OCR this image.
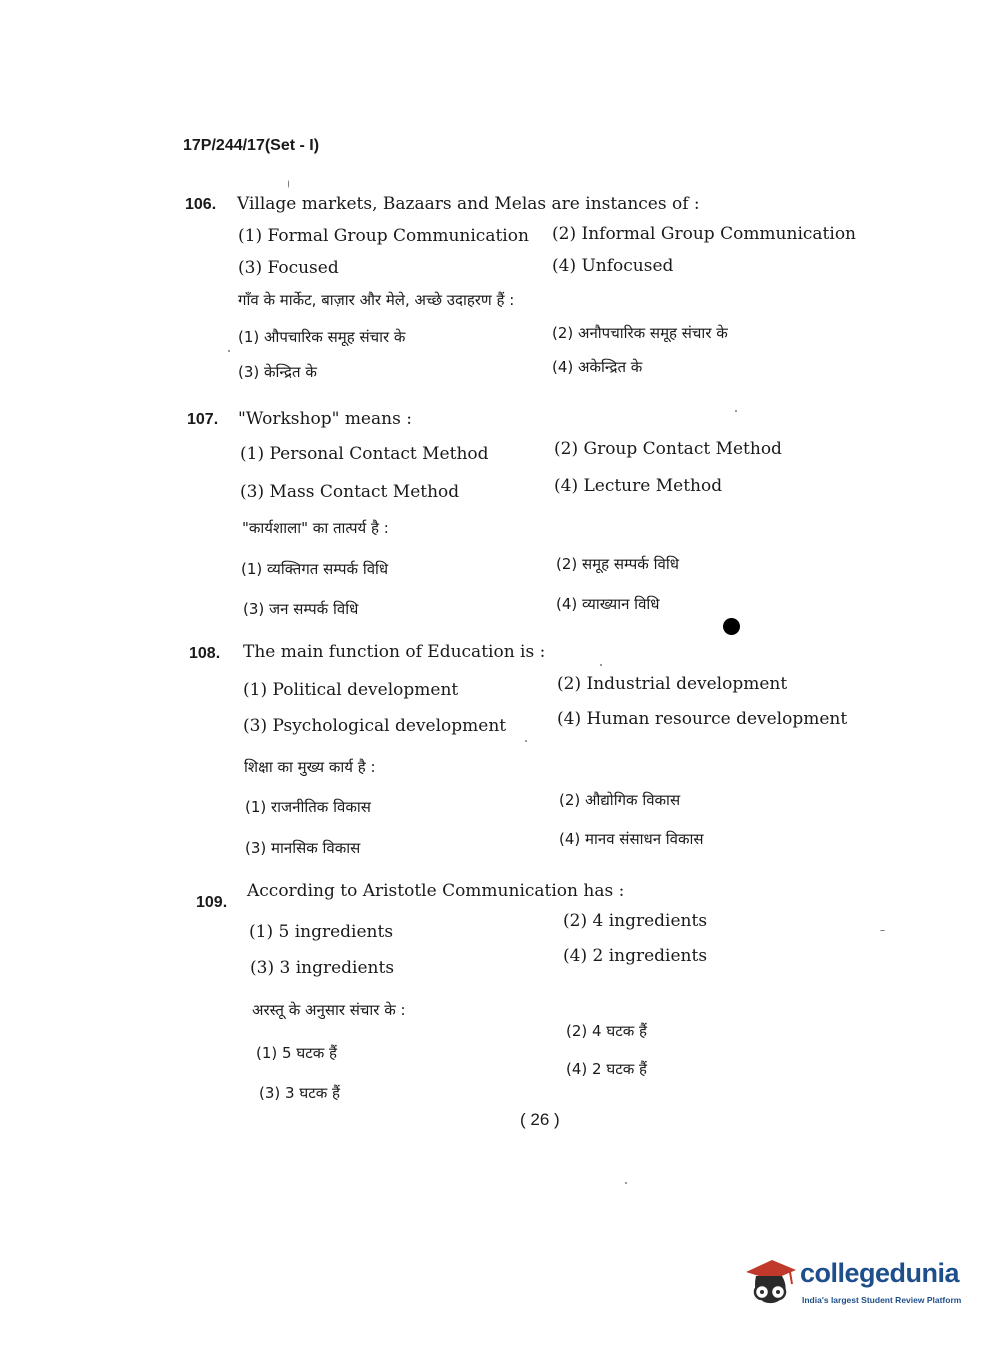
17P/244/17(Set - I)
106. Village markets, Bazaars and Melas are instances of :
(1) Formal Group Communication (2) Informal Group Communication
(3) Focused	(4) Unfocused
गाँव के मार्केट, बाज़ार और मेले, अच्छे उदाहरण हैं :
(1) औपचारिक समूह संचार के	(2) अनौपचारिक समूह संचार के
(3) केन्द्रित के	(4) अकेन्द्रित के
107. "Workshop" means :
(1) Personal Contact Method	(2) Group Contact Method
(3) Mass Contact Method	(4) Lecture Method
"कार्यशाला" का तात्पर्य है :
(1) व्यक्तिगत सम्पर्क विधि	(2) समूह सम्पर्क विधि
(3) जन सम्पर्क विधि	(4) व्याख्यान विधि
108. The main function of Education is :
(1) Political development	(2) Industrial development
(3) Psychological development	(4) Human resource development
शिक्षा का मुख्य कार्य है :
(1) राजनीतिक विकास	(2) औद्योगिक विकास
(3) मानसिक विकास	(4) मानव संसाधन विकास
109.
According to Aristotle Communication has :
(1) 5 ingredients
(2) 4 ingredients
(3) 3 ingredients
(4) 2 ingredients
अरस्तू के अनुसार संचार के :
(1) 5 घटक हैं
(2) 4 घटक हैं
(3) 3 घटक हैं
(4) 2 घटक हैं
( 26 )
collegedunia
India's largest Student Review Platform
